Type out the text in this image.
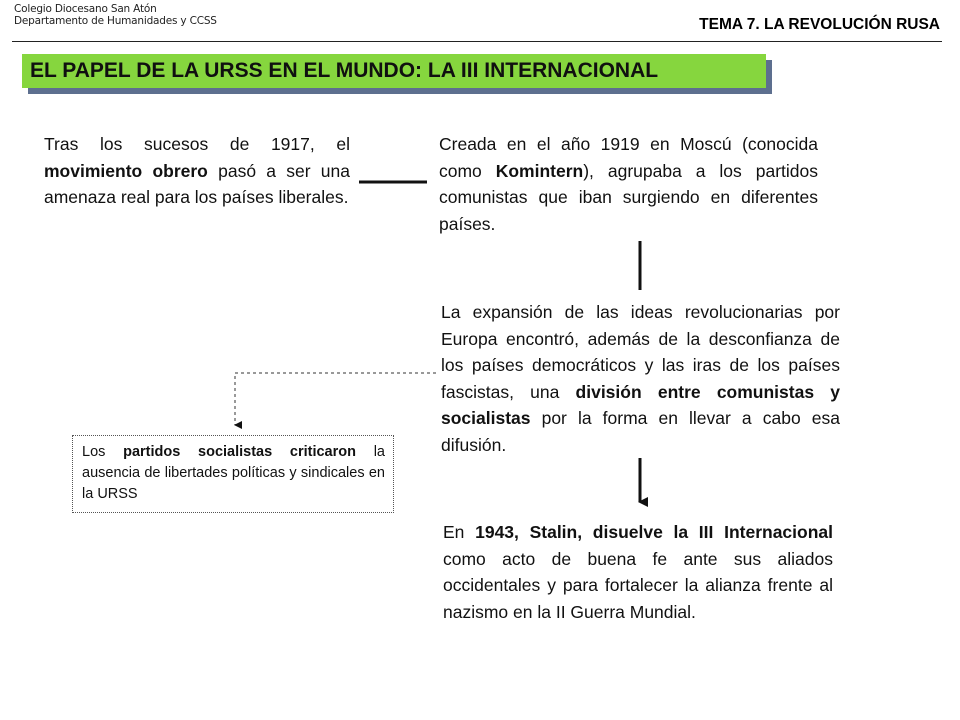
Colegio Diocesano San Atón
Departamento de Humanidades y CCSS	TEMA 7. LA REVOLUCIÓN RUSA
EL PAPEL DE LA URSS EN EL MUNDO: LA III INTERNACIONAL
Tras los sucesos de 1917, el movimiento obrero pasó a ser una amenaza real para los países liberales.
Creada en el año 1919 en Moscú (conocida como Komintern), agrupaba a los partidos comunistas que iban surgiendo en diferentes países.
La expansión de las ideas revolucionarias por Europa encontró, además de la desconfianza de los países democráticos y las iras de los países fascistas, una división entre comunistas y socialistas por la forma en llevar a cabo esa difusión.
En 1943, Stalin, disuelve la III Internacional como acto de buena fe ante sus aliados occidentales y para fortalecer la alianza frente al nazismo en la II Guerra Mundial.
Los partidos socialistas criticaron la ausencia de libertades políticas y sindicales en la URSS
